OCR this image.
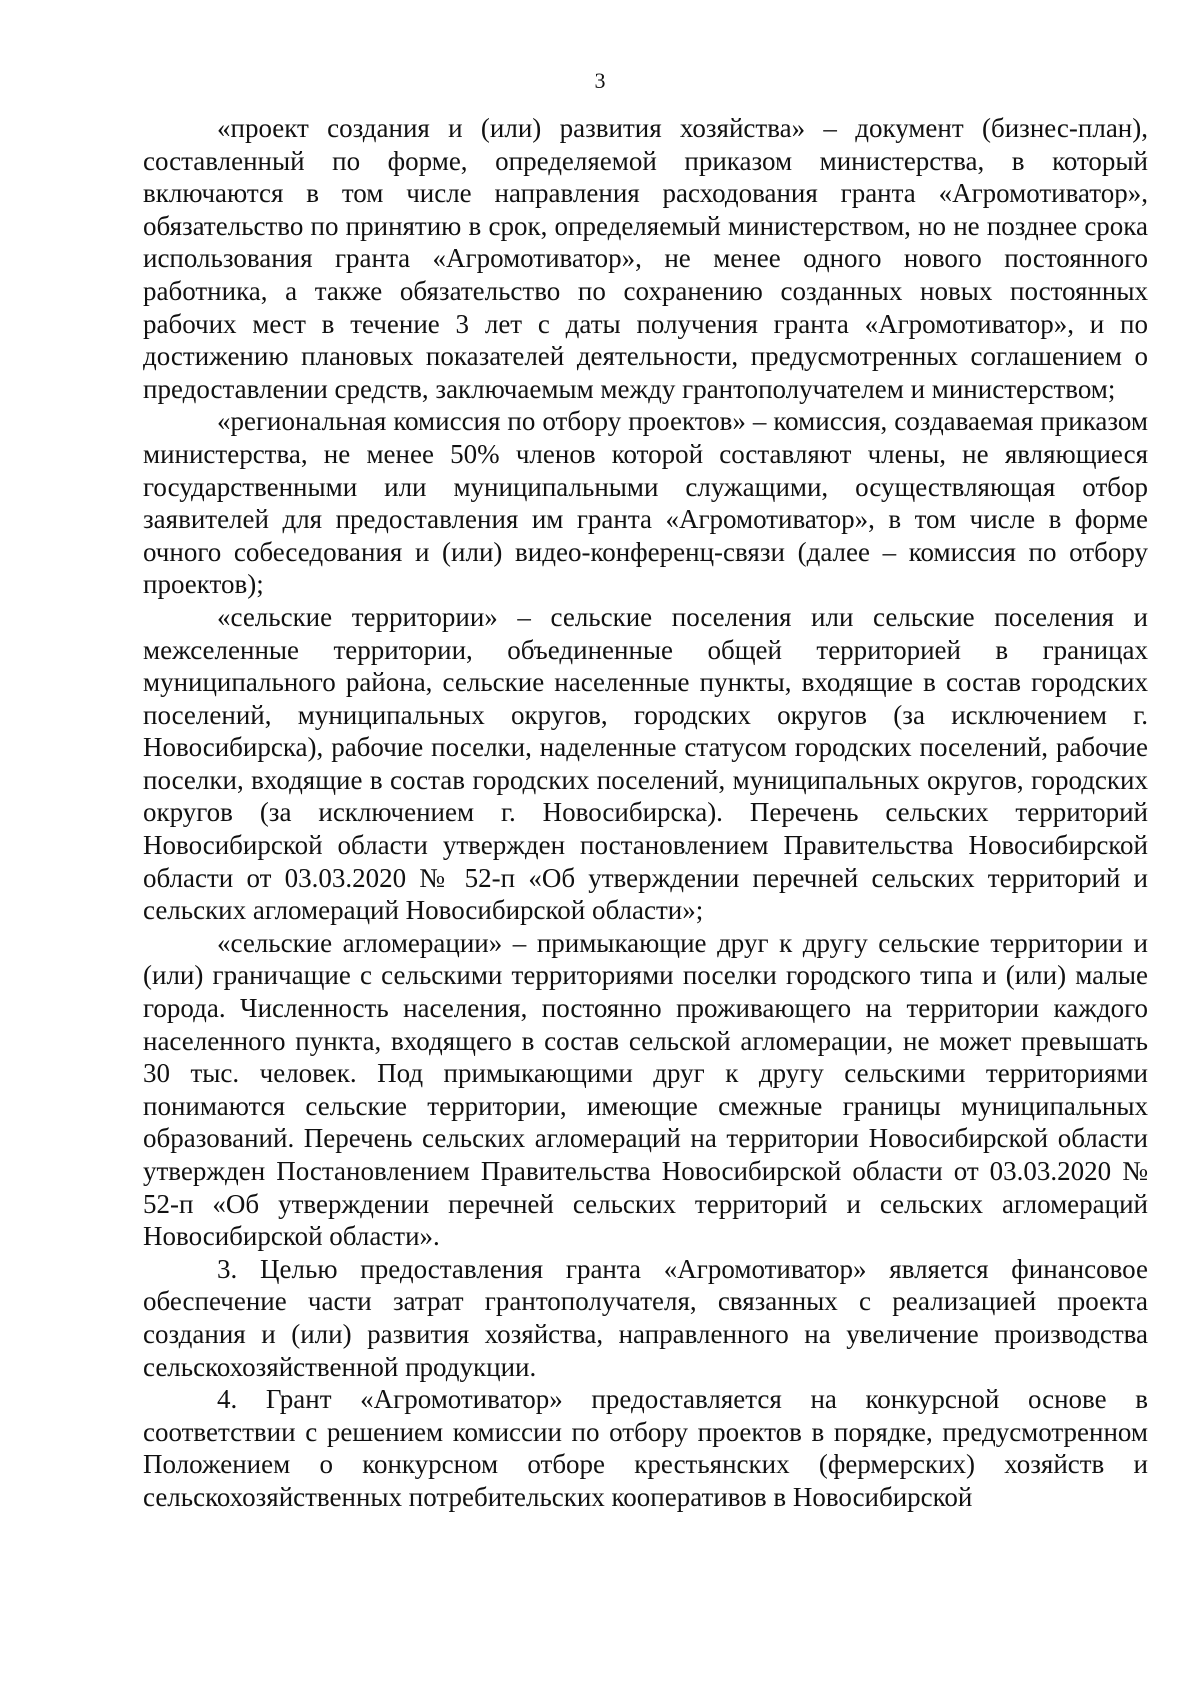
3

«проект создания и (или) развития хозяйства» – документ (бизнес-план), составленный по форме, определяемой приказом министерства, в который включаются в том числе направления расходования гранта «Агромотиватор», обязательство по принятию в срок, определяемый министерством, но не позднее срока использования гранта «Агромотиватор», не менее одного нового постоянного работника, а также обязательство по сохранению созданных новых постоянных рабочих мест в течение 3 лет с даты получения гранта «Агромотиватор», и по достижению плановых показателей деятельности, предусмотренных соглашением о предоставлении средств, заключаемым между грантополучателем и министерством;

«региональная комиссия по отбору проектов» – комиссия, создаваемая приказом министерства, не менее 50% членов которой составляют члены, не являющиеся государственными или муниципальными служащими, осуществляющая отбор заявителей для предоставления им гранта «Агромотиватор», в том числе в форме очного собеседования и (или) видео-конференц-связи (далее – комиссия по отбору проектов);

«сельские территории» – сельские поселения или сельские поселения и межселенные территории, объединенные общей территорией в границах муниципального района, сельские населенные пункты, входящие в состав городских поселений, муниципальных округов, городских округов (за исключением г. Новосибирска), рабочие поселки, наделенные статусом городских поселений, рабочие поселки, входящие в состав городских поселений, муниципальных округов, городских округов (за исключением г. Новосибирска). Перечень сельских территорий Новосибирской области утвержден постановлением Правительства Новосибирской области от 03.03.2020 № 52-п «Об утверждении перечней сельских территорий и сельских агломераций Новосибирской области»;

«сельские агломерации» – примыкающие друг к другу сельские территории и (или) граничащие с сельскими территориями поселки городского типа и (или) малые города. Численность населения, постоянно проживающего на территории каждого населенного пункта, входящего в состав сельской агломерации, не может превышать 30 тыс. человек. Под примыкающими друг к другу сельскими территориями понимаются сельские территории, имеющие смежные границы муниципальных образований. Перечень сельских агломераций на территории Новосибирской области утвержден Постановлением Правительства Новосибирской области от 03.03.2020 № 52-п «Об утверждении перечней сельских территорий и сельских агломераций Новосибирской области».

3. Целью предоставления гранта «Агромотиватор» является финансовое обеспечение части затрат грантополучателя, связанных с реализацией проекта создания и (или) развития хозяйства, направленного на увеличение производства сельскохозяйственной продукции.

4. Грант «Агромотиватор» предоставляется на конкурсной основе в соответствии с решением комиссии по отбору проектов в порядке, предусмотренном Положением о конкурсном отборе крестьянских (фермерских) хозяйств и сельскохозяйственных потребительских кооперативов в Новосибирской
